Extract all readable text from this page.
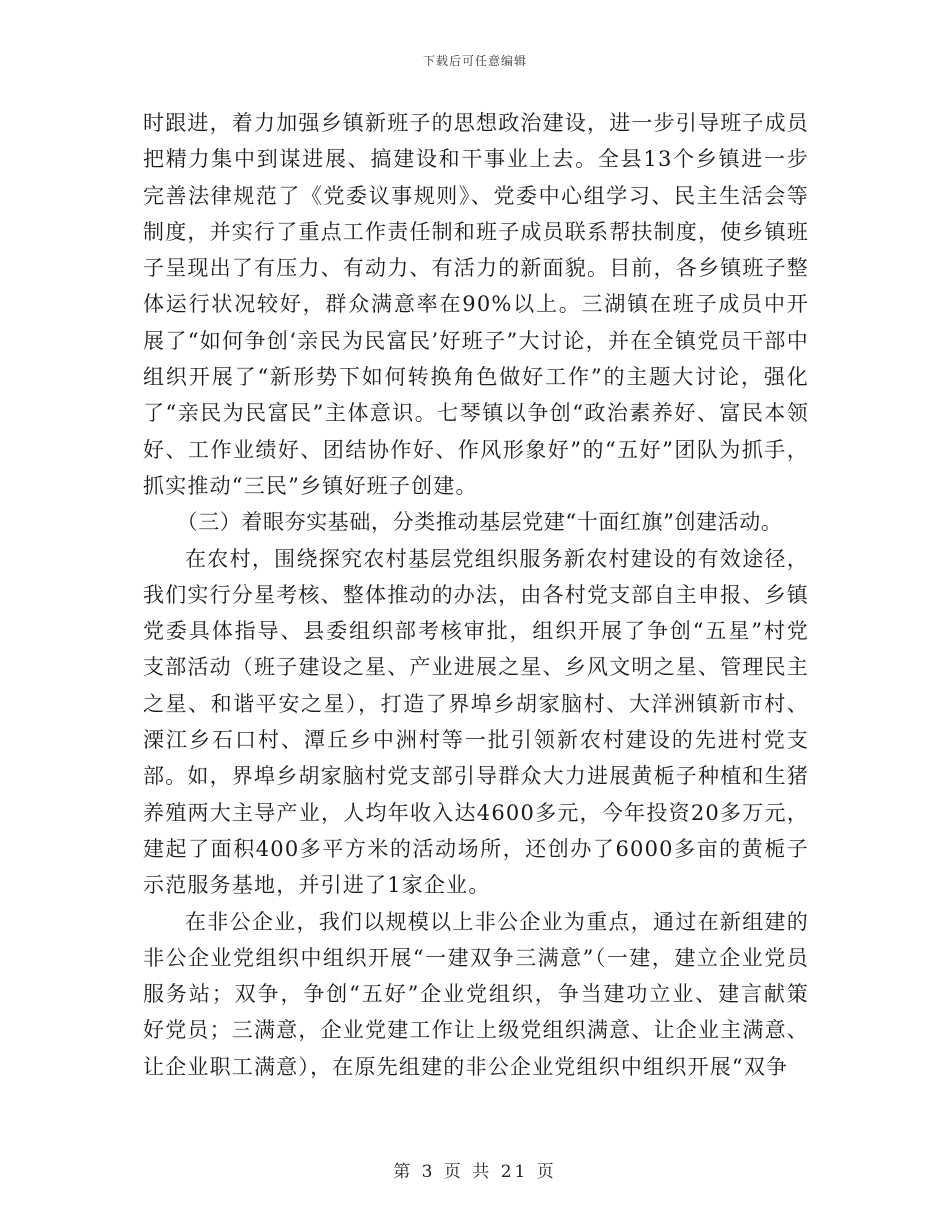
下载后可任意编辑

时跟进，着力加强乡镇新班子的思想政治建设，进一步引导班子成员把精力集中到谋进展、搞建设和干事业上去。全县13个乡镇进一步完善法律规范了《党委议事规则》、党委中心组学习、民主生活会等制度，并实行了重点工作责任制和班子成员联系帮扶制度，使乡镇班子呈现出了有压力、有动力、有活力的新面貌。目前，各乡镇班子整体运行状况较好，群众满意率在90%以上。三湖镇在班子成员中开展了“如何争创‘亲民为民富民’好班子”大讨论，并在全镇党员干部中组织开展了“新形势下如何转换角色做好工作”的主题大讨论，强化了“亲民为民富民”主体意识。七琴镇以争创“政治素养好、富民本领好、工作业绩好、团结协作好、作风形象好”的“五好”团队为抓手，抓实推动“三民”乡镇好班子创建。

（三）着眼夯实基础，分类推动基层党建“十面红旗”创建活动。

在农村，围绕探究农村基层党组织服务新农村建设的有效途径，我们实行分星考核、整体推动的办法，由各村党支部自主申报、乡镇党委具体指导、县委组织部考核审批，组织开展了争创“五星”村党支部活动（班子建设之星、产业进展之星、乡风文明之星、管理民主之星、和谐平安之星），打造了界埠乡胡家脑村、大洋洲镇新市村、溧江乡石口村、潭丘乡中洲村等一批引领新农村建设的先进村党支部。如，界埠乡胡家脑村党支部引导群众大力进展黄栀子种植和生猪养殖两大主导产业，人均年收入达4600多元，今年投资20多万元，建起了面积400多平方米的活动场所，还创办了6000多亩的黄栀子示范服务基地，并引进了1家企业。

在非公企业，我们以规模以上非公企业为重点，通过在新组建的非公企业党组织中组织开展“一建双争三满意”（一建，建立企业党员服务站；双争，争创“五好”企业党组织，争当建功立业、建言献策好党员；三满意，企业党建工作让上级党组织满意、让企业主满意、让企业职工满意），在原先组建的非公企业党组织中组织开展“双争

第 3 页 共 21 页
